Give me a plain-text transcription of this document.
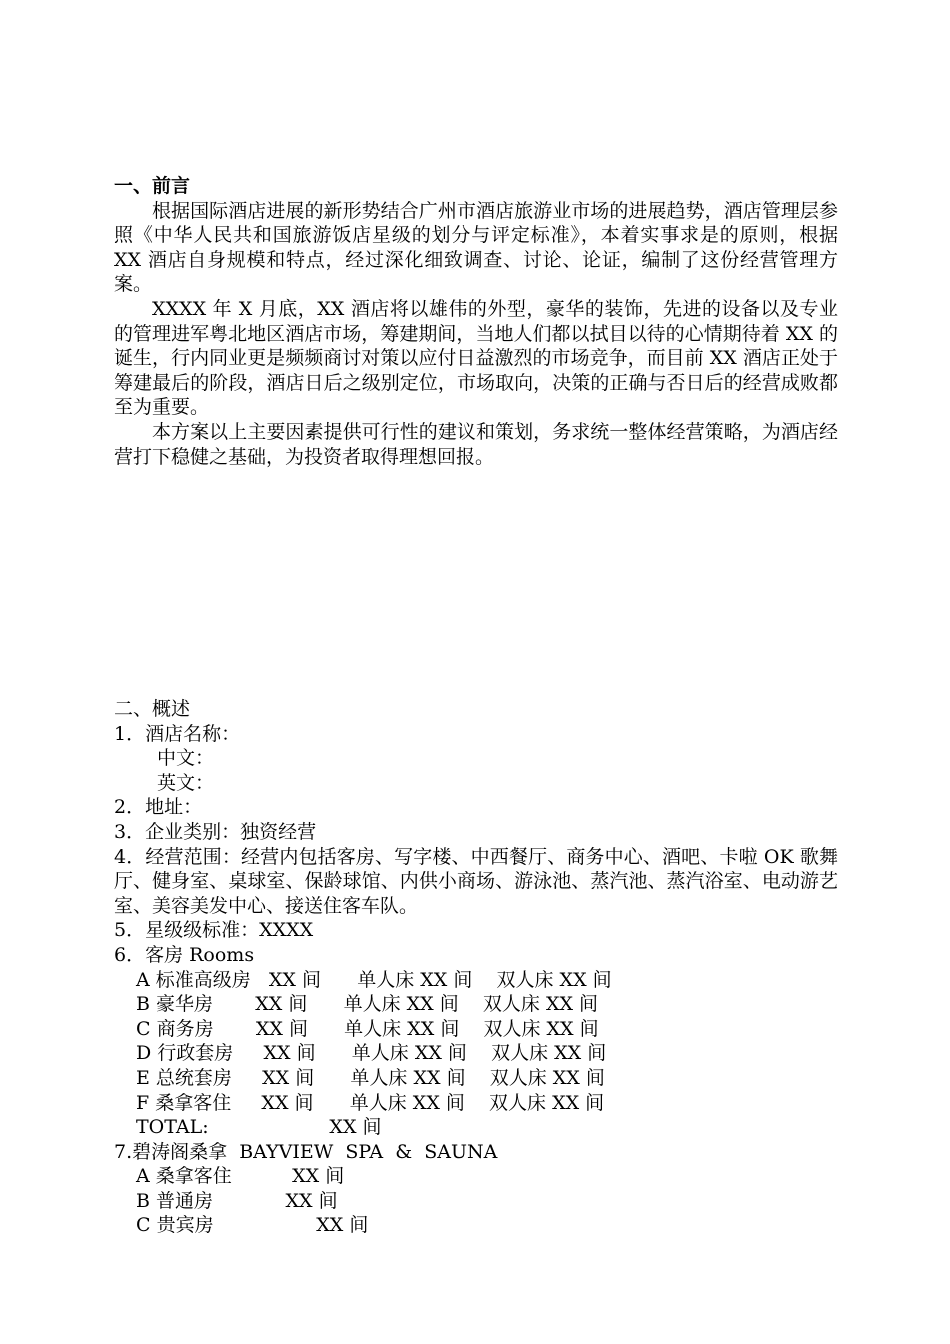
一、前言
根据国际酒店进展的新形势结合广州市酒店旅游业市场的进展趋势，酒店管理层参照《中华人民共和国旅游饭店星级的划分与评定标准》，本着实事求是的原则，根据 XX 酒店自身规模和特点，经过深化细致调查、讨论、论证，编制了这份经营管理方案。
XXXX 年 X 月底，XX 酒店将以雄伟的外型，豪华的装饰，先进的设备以及专业的管理进军粤北地区酒店市场，筹建期间，当地人们都以拭目以待的心情期待着 XX 的诞生，行内同业更是频频商讨对策以应付日益激烈的市场竞争，而目前 XX 酒店正处于筹建最后的阶段，酒店日后之级别定位，市场取向，决策的正确与否日后的经营成败都至为重要。
本方案以上主要因素提供可行性的建议和策划，务求统一整体经营策略，为酒店经营打下稳健之基础，为投资者取得理想回报。
二、概述
1．酒店名称：
中文：
英文：
2．地址：
3．企业类别：独资经营
4．经营范围：经营内包括客房、写字楼、中西餐厅、商务中心、酒吧、卡啦 OK 歌舞厅、健身室、桌球室、保龄球馆、内供小商场、游泳池、蒸汽池、蒸汽浴室、电动游艺室、美容美发中心、接送住客车队。
5．星级级标准：XXXX
6．客房 Rooms
A 标准高级房   XX 间      单人床 XX 间    双人床 XX 间
B 豪华房       XX 间      单人床 XX 间    双人床 XX 间
C 商务房       XX 间      单人床 XX 间    双人床 XX 间
D 行政套房     XX 间      单人床 XX 间    双人床 XX 间
E 总统套房     XX 间      单人床 XX 间    双人床 XX 间
F 桑拿客住     XX 间      单人床 XX 间    双人床 XX 间
TOTAL:                    XX 间
7.碧涛阁桑拿  BAYVIEW  SPA  &  SAUNA
A 桑拿客住          XX 间
B 普通房            XX 间
C 贵宾房                 XX 间
